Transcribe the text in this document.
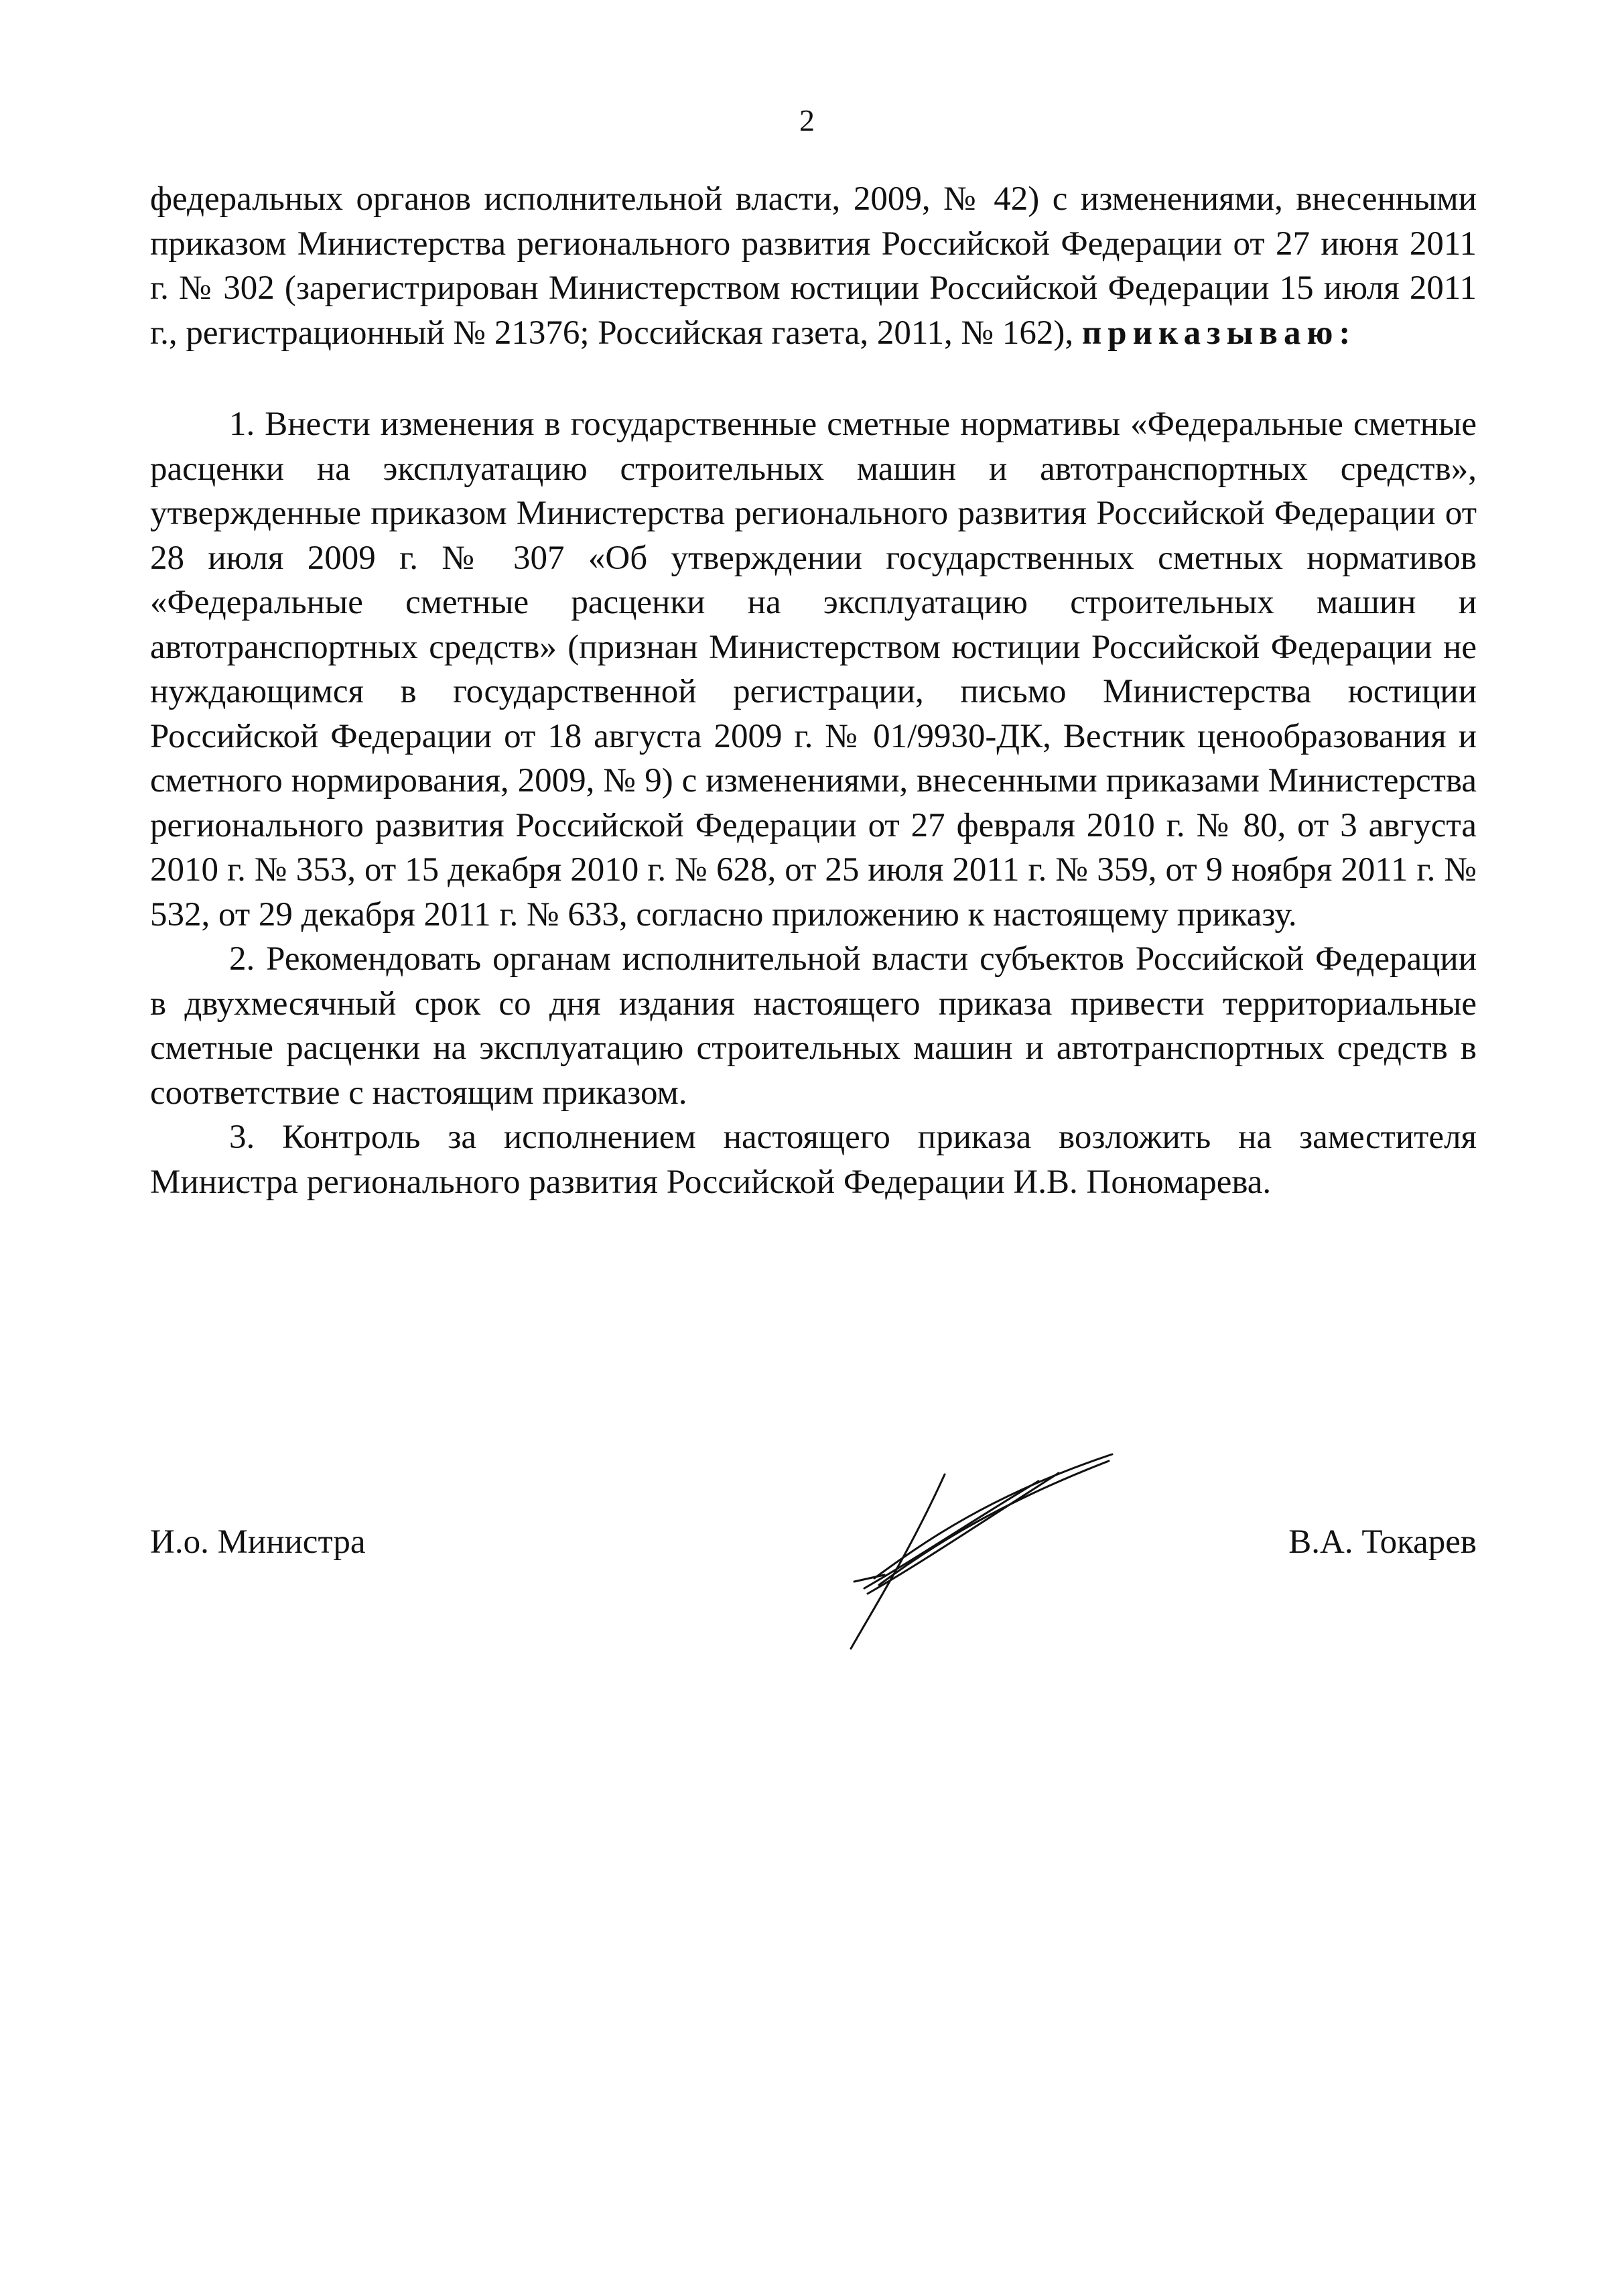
2

федеральных органов исполнительной власти, 2009, № 42) с изменениями, внесенными приказом Министерства регионального развития Российской Федерации от 27 июня 2011 г. № 302 (зарегистрирован Министерством юстиции Российской Федерации 15 июля 2011 г., регистрационный № 21376; Российская газета, 2011, № 162), приказываю:

1. Внести изменения в государственные сметные нормативы «Федеральные сметные расценки на эксплуатацию строительных машин и автотранспортных средств», утвержденные приказом Министерства регионального развития Российской Федерации от 28 июля 2009 г. № 307 «Об утверждении государственных сметных нормативов «Федеральные сметные расценки на эксплуатацию строительных машин и автотранспортных средств» (признан Министерством юстиции Российской Федерации не нуждающимся в государственной регистрации, письмо Министерства юстиции Российской Федерации от 18 августа 2009 г. № 01/9930-ДК, Вестник ценообразования и сметного нормирования, 2009, № 9) с изменениями, внесенными приказами Министерства регионального развития Российской Федерации от 27 февраля 2010 г. № 80, от 3 августа 2010 г. № 353, от 15 декабря 2010 г. № 628, от 25 июля 2011 г. № 359, от 9 ноября 2011 г. № 532, от 29 декабря 2011 г. № 633, согласно приложению к настоящему приказу.

2. Рекомендовать органам исполнительной власти субъектов Российской Федерации в двухмесячный срок со дня издания настоящего приказа привести территориальные сметные расценки на эксплуатацию строительных машин и автотранспортных средств в соответствие с настоящим приказом.

3. Контроль за исполнением настоящего приказа возложить на заместителя Министра регионального развития Российской Федерации И.В. Пономарева.

И.о. Министра	В.А. Токарев
